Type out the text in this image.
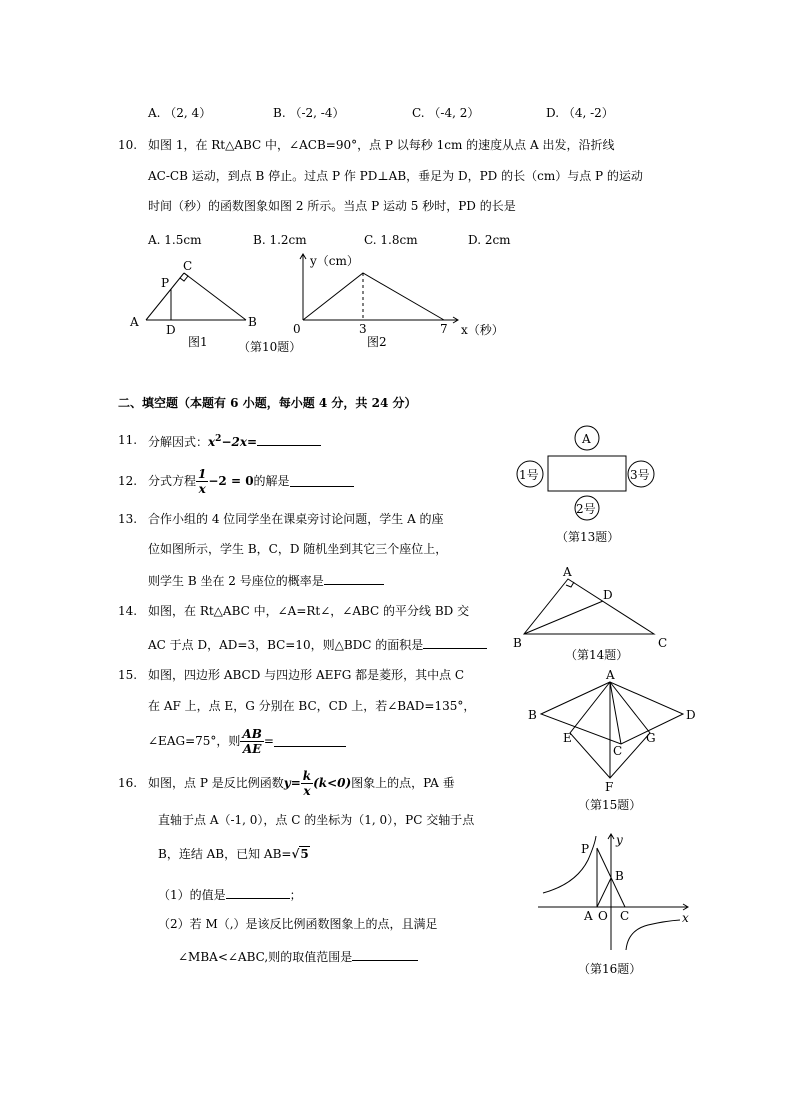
A. （2, 4）	B. （-2, -4）	C. （-4, 2）	D. （4, -2）
10. 如图 1，在 Rt△ABC 中，∠ACB=90°，点 P 以每秒 1cm 的速度从点 A 出发，沿折线
AC-CB 运动，到点 B 停止。过点 P 作 PD⊥AB，垂足为 D，PD 的长（cm）与点 P 的运动
时间（秒）的函数图象如图 2 所示。当点 P 运动 5 秒时，PD 的长是
A. 1.5cm	B. 1.2cm	C. 1.8cm	D. 2cm
A	B
C
D
P
图1
y（cm）
x（秒）
0	3	7
图2
（第10题）
A
1号	3号
2号
（第13题）
A
B	C
D
（第14题）
A
B
C
D
E
F
G
（第15题）
P
B
A O C	x
y
（第16题）
二、填空题（本题有 6 小题，每小题 4 分，共 24 分）
11. 分解因式：$x^2-2x=$
12. 分式方程 $\frac{1}{x} -2 = 0$ 的解是
13. 合作小组的 4 位同学坐在课桌旁讨论问题，学生 A 的座
位如图所示，学生 B，C，D 随机坐到其它三个座位上，
则学生 B 坐在 2 号座位的概率是
14. 如图，在 Rt△ABC 中，∠A=Rt∠，∠ABC 的平分线 BD 交
AC 于点 D，AD=3，BC=10，则△BDC 的面积是
15. 如图，四边形 ABCD 与四边形 AEFG 都是菱形，其中点 C
在 AF 上，点 E，G 分别在 BC，CD 上，若∠BAD=135°，
∠EAG=75°，则 $\frac{AB}{AE}$ =
16. 如图，点 P 是反比例函数 $y = \frac{k}{x} (k<0)$ 图象上的点，PA 垂
直轴于点 A（-1, 0），点 C 的坐标为（1, 0），PC 交轴于点
B，连结 AB，已知 AB=√5
（1）的值是	；
（2）若 M（,）是该反比例函数图象上的点，且满足
∠MBA<∠ABC,则的取值范围是
